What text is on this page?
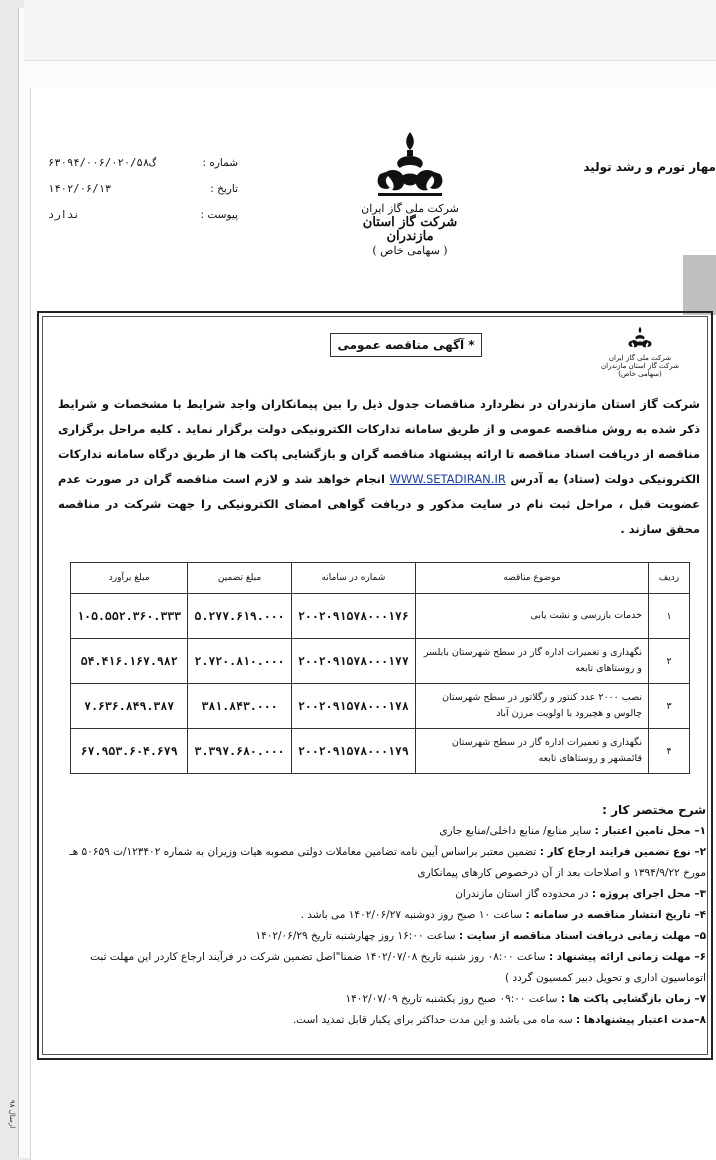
شماره :
گ۶۳۰۹۴/۰۰۶/۰۲۰/۵۸
تاریخ :
۱۴۰۲/۰۶/۱۳
پیوست :
ندارد
مهار تورم و رشد تولید
شرکت ملی گاز ایران
شرکت گاز استان مازندران
( سهامی خاص )
* آگهی مناقصه عمومی
شرکت ملی گاز ایران
شرکت گاز استان مازندران
(سهامی خاص)
شرکت گاز استان مازندران در نظردارد مناقصات جدول ذیل را بین پیمانکاران واجد شرایط با مشخصات و شرایط ذکر شده به روش مناقصه عمومی و از طریق سامانه تدارکات الکترونیکی دولت برگزار نماید . کلیه مراحل برگزاری مناقصه از دریافت اسناد مناقصه تا ارائه پیشنهاد مناقصه گران و بازگشایی پاکت ها از طریق درگاه سامانه تدارکات الکترونیکی دولت (ستاد) به آدرس WWW.SETADIRAN.IR انجام خواهد شد و لازم است مناقصه گران در صورت عدم عضویت قبل ، مراحل ثبت نام در سایت مذکور و دریافت گواهی امضای الکترونیکی را جهت شرکت در مناقصه محقق سازند .
ردیف	موضوع مناقصه	شماره در سامانه	مبلغ تضمین	مبلغ برآورد
۱	خدمات بازرسی و نشت یابی	۲۰۰۲۰۹۱۵۷۸۰۰۰۱۷۶	۵.۲۷۷.۶۱۹.۰۰۰	۱۰۵.۵۵۲.۳۶۰.۳۳۳
۲	نگهداری و تعمیرات اداره گاز در سطح شهرستان بابلسر و روستاهای تابعه	۲۰۰۲۰۹۱۵۷۸۰۰۰۱۷۷	۲.۷۲۰.۸۱۰.۰۰۰	۵۴.۴۱۶.۱۶۷.۹۸۲
۳	نصب ۲۰۰۰ عدد کنتور و رگلاتور در سطح شهرستان چالوس و هچیرود با اولویت مرزن آباد	۲۰۰۲۰۹۱۵۷۸۰۰۰۱۷۸	۳۸۱.۸۴۳.۰۰۰	۷.۶۳۶.۸۴۹.۳۸۷
۴	نگهداری و تعمیرات اداره گاز در سطح شهرستان قائمشهر و روستاهای تابعه	۲۰۰۲۰۹۱۵۷۸۰۰۰۱۷۹	۳.۳۹۷.۶۸۰.۰۰۰	۶۷.۹۵۳.۶۰۴.۶۷۹
شرح مختصر کار :
۱– محل تامین اعتبار : سایر منابع/ منابع داخلی/منابع جاری
۲– نوع تضمین فرایند ارجاع کار : تضمین معتبر براساس آیین نامه تضامین معاملات دولتی مصوبه هیات وزیران به شماره ۱۲۳۴۰۲/ت ۵۰۶۵۹ هـ مورخ ۱۳۹۴/۹/۲۲ و اصلاحات بعد از آن درخصوص کارهای پیمانکاری
۳– محل اجرای پروژه : در محدوده گاز استان مازندران
۴– تاریخ انتشار مناقصه در سامانه : ساعت ۱۰ صبح روز دوشنبه ۱۴۰۲/۰۶/۲۷ می باشد .
۵– مهلت زمانی دریافت اسناد مناقصه از سایت : ساعت ۱۶:۰۰ روز چهارشنبه تاریخ ۱۴۰۲/۰۶/۲۹
۶– مهلت زمانی ارائه پیشنهاد : ساعت ۰۸:۰۰ روز شنبه تاریخ ۱۴۰۲/۰۷/۰۸ ضمنا"اصل تضمین شرکت در فرآیند ارجاع کاردر این مهلت ثبت اتوماسیون اداری و تحویل دبیر کمسیون گردد )
۷– زمان بازگشایی پاکت ها : ساعت ۰۹:۰۰ صبح روز یکشنبه تاریخ ۱۴۰۲/۰۷/۰۹
۸–مدت اعتبار پیشنهادها : سه ماه می باشد و این مدت حداکثر برای یکبار قابل تمدید است.
ارسال ۹۸
